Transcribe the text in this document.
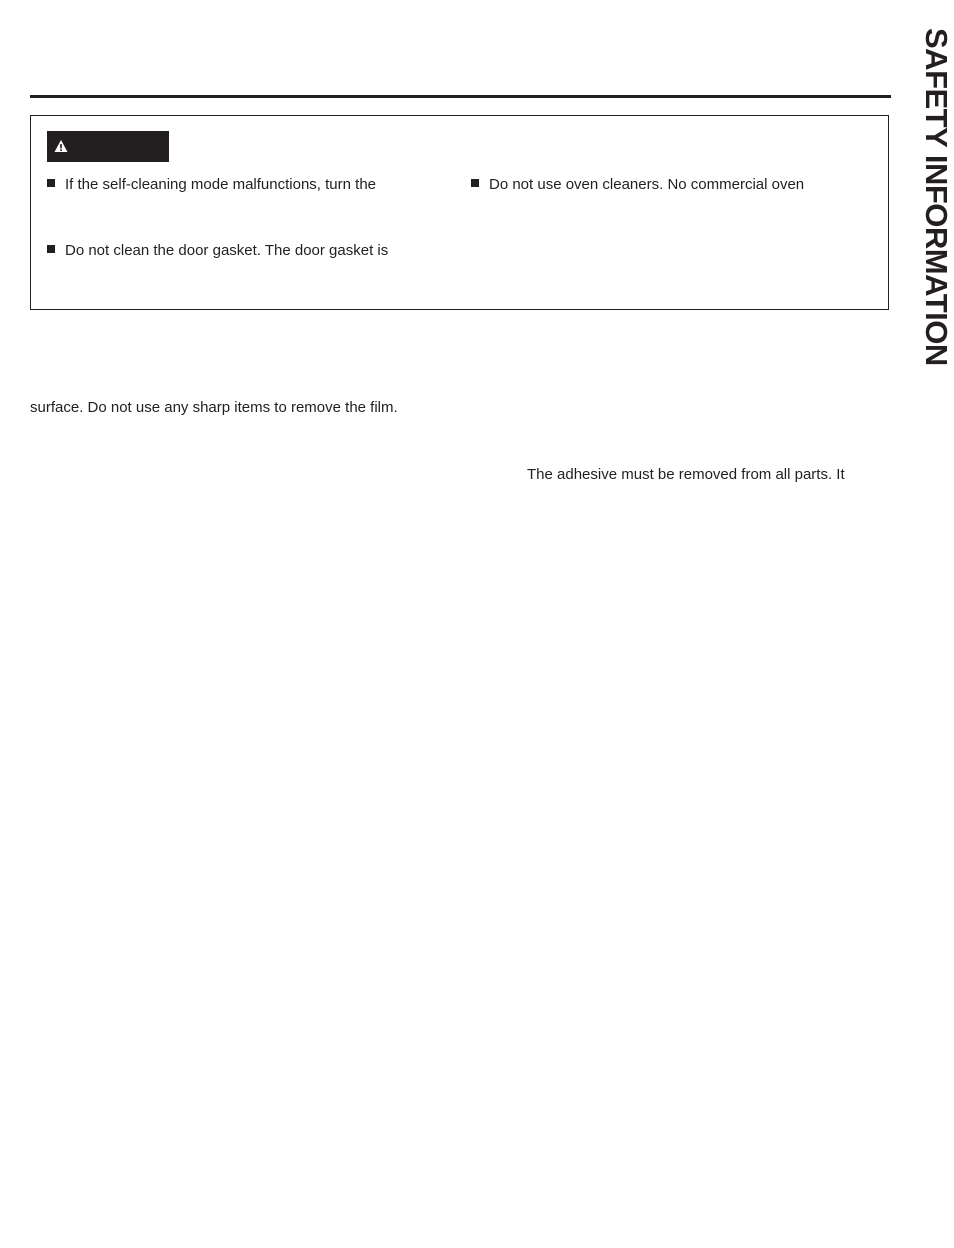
If the self-cleaning mode malfunctions, turn the
Do not clean the door gasket. The door gasket is
Do not use oven cleaners. No commercial oven
surface. Do not use any sharp items to remove the film.
The adhesive must be removed from all parts. It
SAFETY INFORMATION
